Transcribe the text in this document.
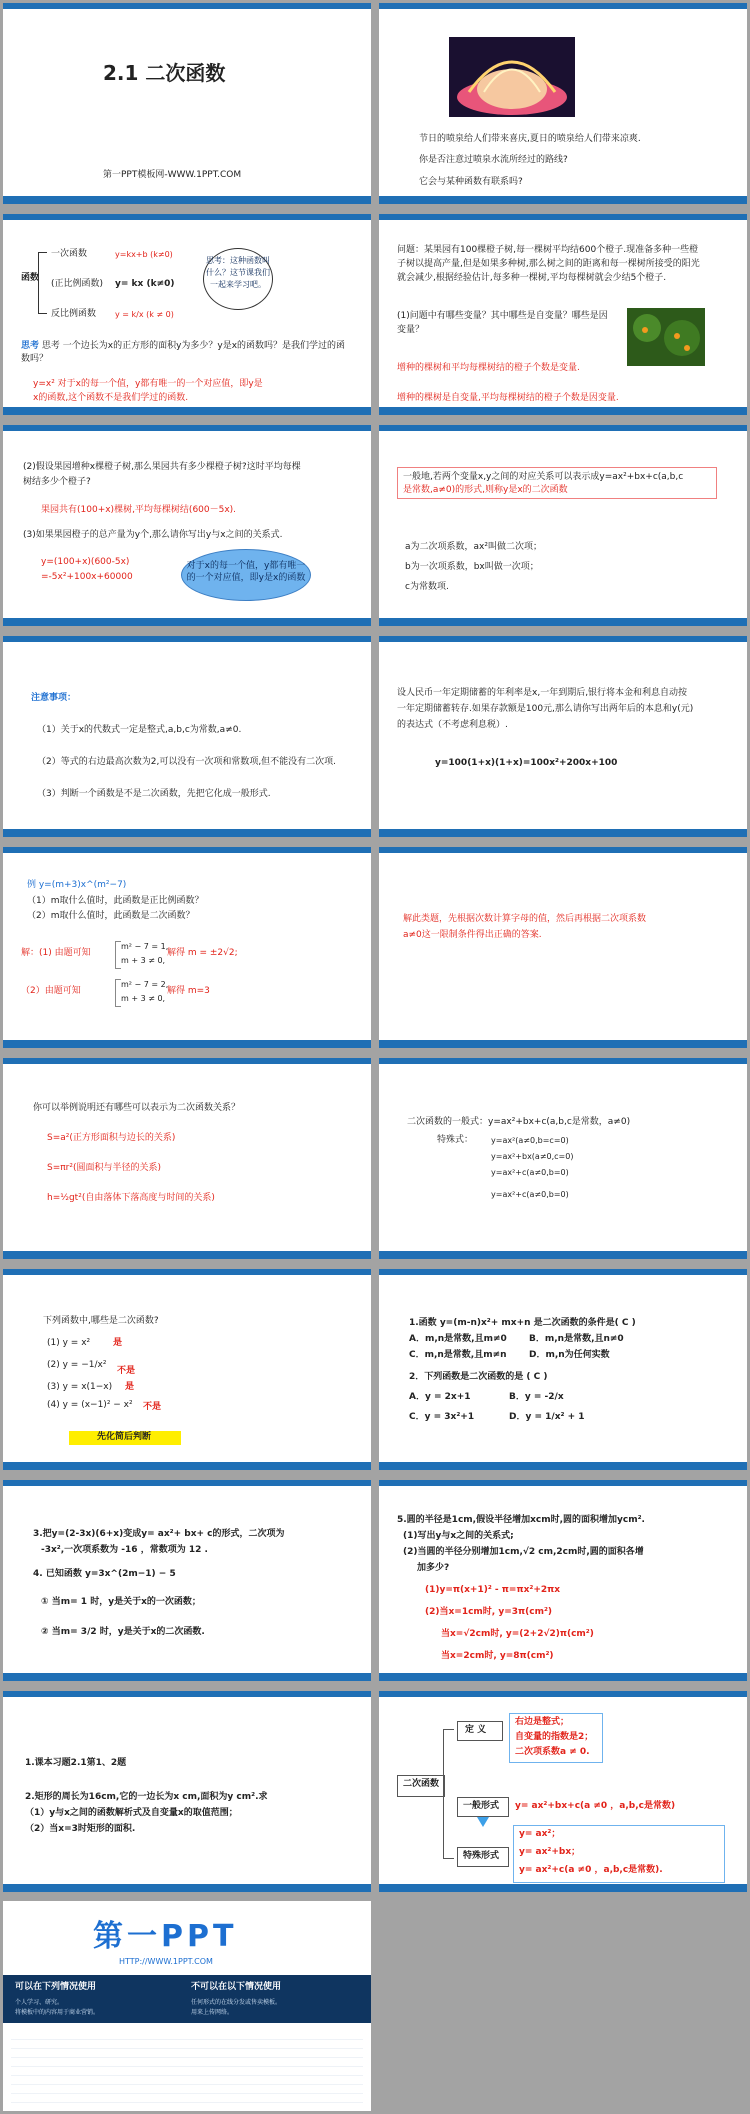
2.1 二次函数
第一PPT模板网-WWW.1PPT.COM
节日的喷泉给人们带来喜庆,夏日的喷泉给人们带来凉爽.
你是否注意过喷泉水流所经过的路线?
它会与某种函数有联系吗?
函数
一次函数	y=kx+b (k≠0)
(正比例函数) y= kx (k≠0)
反比例函数 y = k/x (k ≠ 0)
思考：这种函数叫什么？这节课我们一起来学习吧。
思考 思考 一个边长为x的正方形的面积y为多少？y是x的函数吗？是我们学过的函数吗？
y=x² 对于x的每一个值，y都有唯一的一个对应值，即y是
x的函数,这个函数不是我们学过的函数.
问题：某果园有100棵橙子树,每一棵树平均结600个橙子.现准备多种一些橙
子树以提高产量,但是如果多种树,那么树之间的距离和每一棵树所接受的阳光
就会减少,根据经验估计,每多种一棵树,平均每棵树就会少结5个橙子.
(1)问题中有哪些变量？其中哪些是自变量？哪些是因
变量？
增种的棵树和平均每棵树结的橙子个数是变量.
增种的棵树是自变量,平均每棵树结的橙子个数是因变量.
(2)假设果园增种x棵橙子树,那么果园共有多少棵橙子树?这时平均每棵
树结多少个橙子?
果园共有(100+x)棵树,平均每棵树结(600－5x).
(3)如果果园橙子的总产量为y个,那么请你写出y与x之间的关系式.
y=(100+x)(600-5x)
=-5x²+100x+60000
对于x的每一个值，y都有唯一
的一个对应值，即y是x的函数
一般地,若两个变量x,y之间的对应关系可以表示成y=ax²+bx+c(a,b,c
是常数,a≠0)的形式,则称y是x的二次函数
a为二次项系数，ax²叫做二次项；
b为一次项系数，bx叫做一次项；
c为常数项.
注意事项：
（1）关于x的代数式一定是整式,a,b,c为常数,a≠0.
（2）等式的右边最高次数为2,可以没有一次项和常数项,但不能没有二次项.
（3）判断一个函数是不是二次函数，先把它化成一般形式.
设人民币一年定期储蓄的年利率是x,一年到期后,银行将本金和利息自动按
一年定期储蓄转存.如果存款额是100元,那么请你写出两年后的本息和y(元)
的表达式（不考虑利息税）.
y=100(1+x)(1+x)=100x²+200x+100
例 y=(m+3)x^(m²−7)
（1）m取什么值时，此函数是正比例函数？
（2）m取什么值时，此函数是二次函数？
解：(1) 由题可知
m² − 7 = 1,
m + 3 ≠ 0,
解得 m = ±2√2;
（2）由题可知
m² − 7 = 2,
m + 3 ≠ 0,
解得 m=3
解此类题，先根据次数计算字母的值，然后再根据二次项系数
a≠0这一限制条件得出正确的答案.
你可以举例说明还有哪些可以表示为二次函数关系？
S=a²(正方形面积与边长的关系)
S=πr²(圆面积与半径的关系)
h=½gt²(自由落体下落高度与时间的关系)
二次函数的一般式：y=ax²+bx+c(a,b,c是常数，a≠0)
特殊式： y=ax²(a≠0,b=c=0)
y=ax²+bx(a≠0,c=0)
y=ax²+c(a≠0,b=0)
y=ax²+c(a≠0,b=0)
下列函数中,哪些是二次函数?
(1) y = x²	是
(2) y = −1/x²
不是
(3) y = x(1−x) 是
(4) y = (x−1)² − x² 不是
先化简后判断
1.函数 y=(m-n)x²+ mx+n 是二次函数的条件是( C )
A．m,n是常数,且m≠0 B．m,n是常数,且n≠0
C．m,n是常数,且m≠n D．m,n为任何实数
2．下列函数是二次函数的是 ( C )
A．y = 2x+1	B．y = -2/x
C．y = 3x²+1	D．y = 1/x² + 1
3.把y=(2-3x)(6+x)变成y= ax²+ bx+ c的形式，二次项为
-3x²,一次项系数为 -16 ，常数项为 12 .
4. 已知函数 y=3x^(2m−1) − 5
① 当m= 1 时，y是关于x的一次函数；
② 当m= 3/2 时，y是关于x的二次函数.
5.圆的半径是1cm,假设半径增加xcm时,圆的面积增加ycm².
(1)写出y与x之间的关系式;
(2)当圆的半径分别增加1cm,√2 cm,2cm时,圆的面积各增
加多少?
(1)y=π(x+1)² - π=πx²+2πx
(2)当x=1cm时, y=3π(cm²)
当x=√2cm时, y=(2+2√2)π(cm²)
当x=2cm时, y=8π(cm²)
1.课本习题2.1第1、2题
2.矩形的周长为16cm,它的一边长为x cm,面积为y cm².求
（1）y与x之间的函数解析式及自变量x的取值范围；
（2）当x=3时矩形的面积.
二次函数
定 义
右边是整式；
自变量的指数是2；
二次项系数a ≠ 0.
一般形式 y= ax²+bx+c(a ≠0 ，a,b,c是常数)
特殊形式
y= ax²；
y= ax²+bx；
y= ax²+c(a ≠0 ，a,b,c是常数).
第一PPT
HTTP://WWW.1PPT.COM
可以在下列情况使用
个人学习、研究。
将模板中的内容用于商业营销。
不可以在以下情况使用
任何形式的在线分发或售卖模板。
用来上传网络。
